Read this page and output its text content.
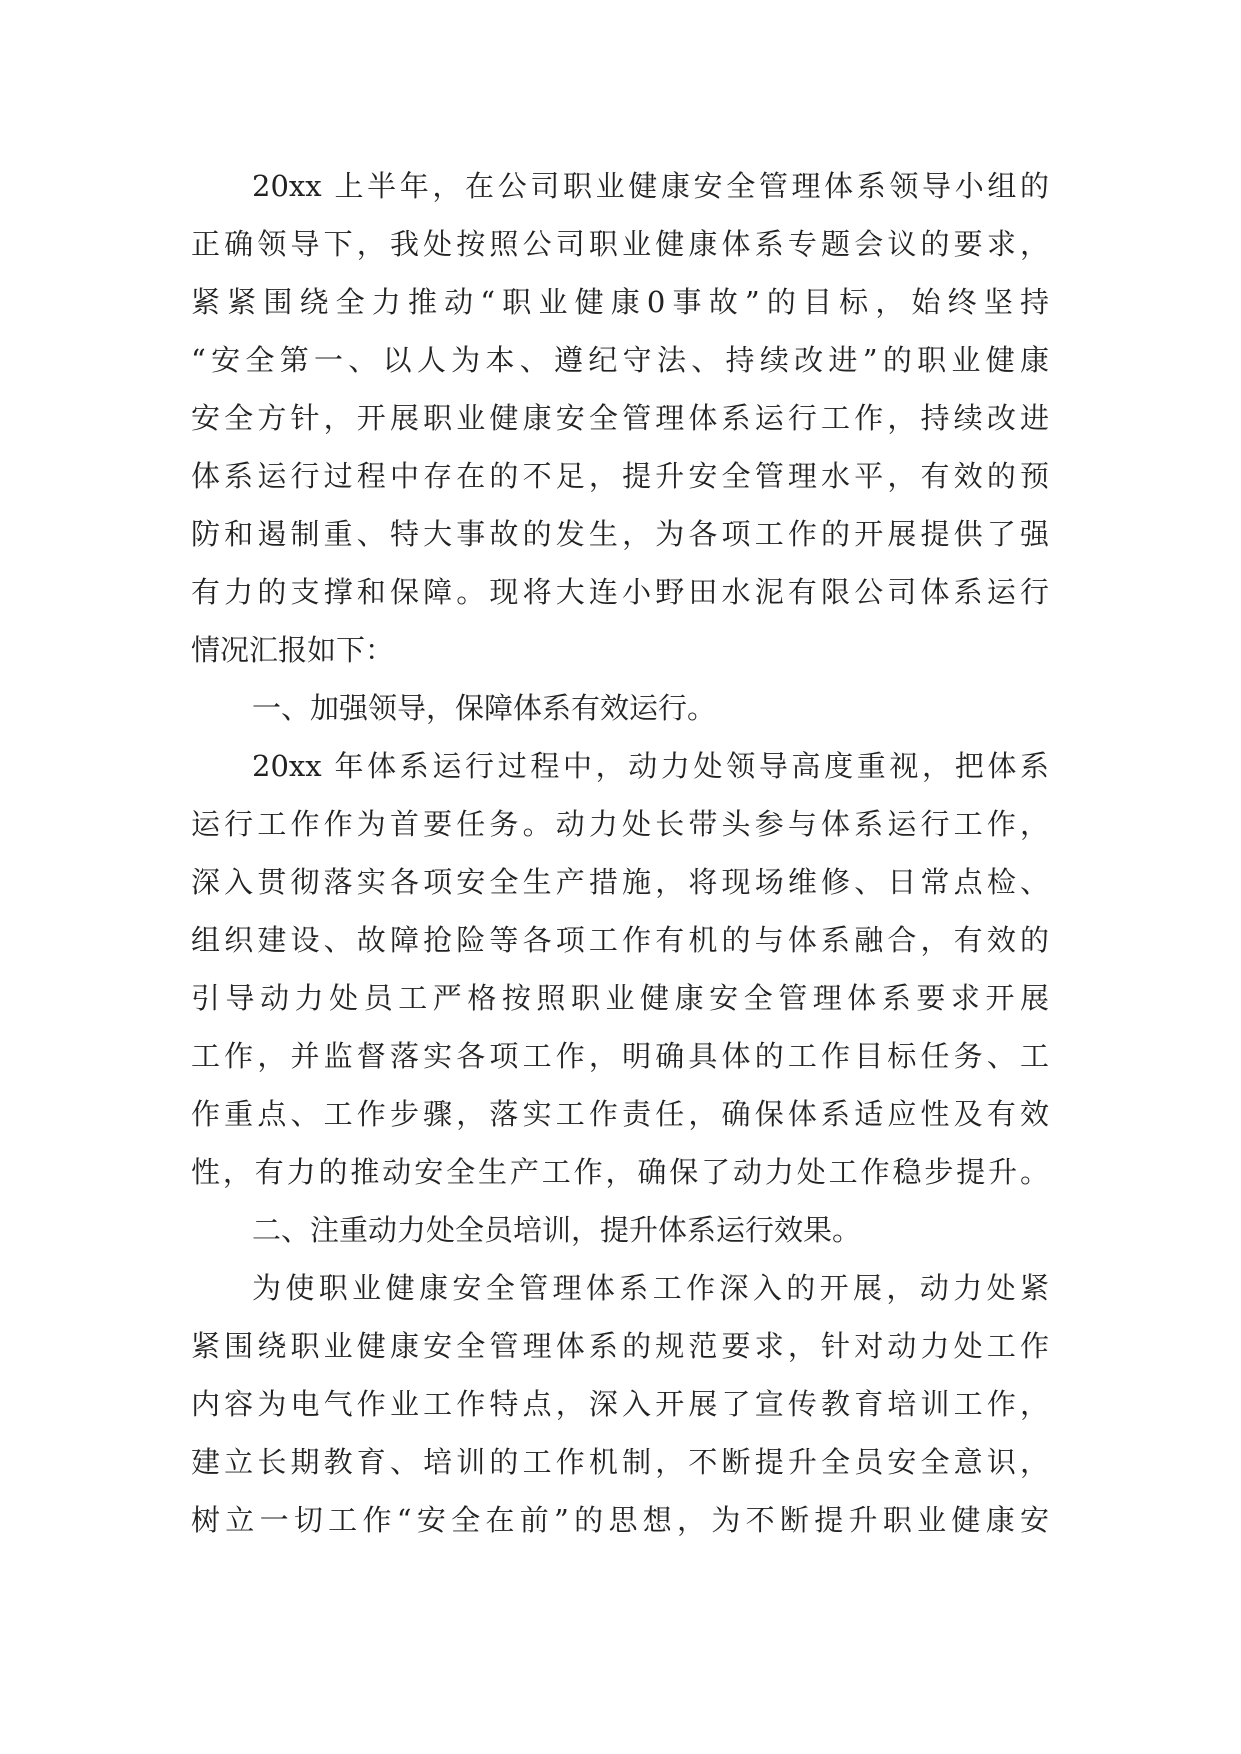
20xx 上半年，在公司职业健康安全管理体系领导小组的
正确领导下，我处按照公司职业健康体系专题会议的要求，
紧紧围绕全力推动“职业健康0事故”的目标，始终坚持
“安全第一、以人为本、遵纪守法、持续改进”的职业健康
安全方针，开展职业健康安全管理体系运行工作，持续改进
体系运行过程中存在的不足，提升安全管理水平，有效的预
防和遏制重、特大事故的发生，为各项工作的开展提供了强
有力的支撑和保障。现将大连小野田水泥有限公司体系运行
情况汇报如下：
一、加强领导，保障体系有效运行。
20xx 年体系运行过程中，动力处领导高度重视，把体系
运行工作作为首要任务。动力处长带头参与体系运行工作，
深入贯彻落实各项安全生产措施，将现场维修、日常点检、
组织建设、故障抢险等各项工作有机的与体系融合，有效的
引导动力处员工严格按照职业健康安全管理体系要求开展
工作，并监督落实各项工作，明确具体的工作目标任务、工
作重点、工作步骤，落实工作责任，确保体系适应性及有效
性，有力的推动安全生产工作，确保了动力处工作稳步提升。
二、注重动力处全员培训，提升体系运行效果。
为使职业健康安全管理体系工作深入的开展，动力处紧
紧围绕职业健康安全管理体系的规范要求，针对动力处工作
内容为电气作业工作特点，深入开展了宣传教育培训工作，
建立长期教育、培训的工作机制，不断提升全员安全意识，
树立一切工作“安全在前”的思想，为不断提升职业健康安
